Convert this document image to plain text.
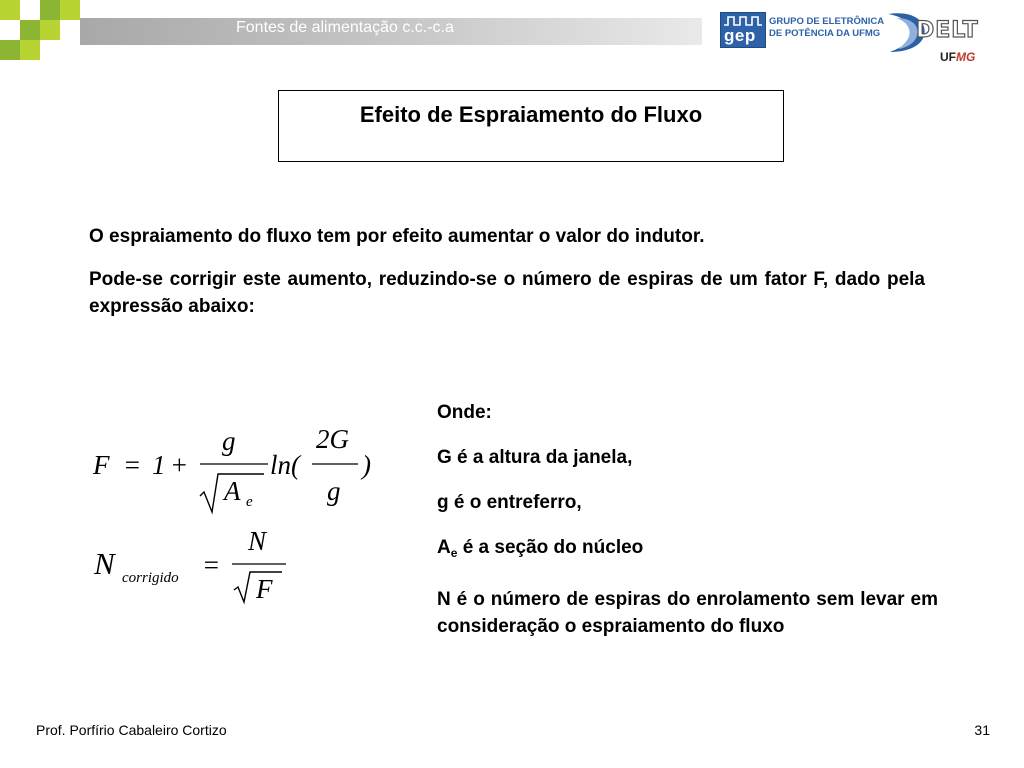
Fontes de alimentação c.c.-c.a	gep
GRUPO DE ELETRÔNICA
DE POTÊNCIA DA UFMG DELT
UFMG
Efeito de Espraiamento do Fluxo

O espraiamento do fluxo tem por efeito aumentar o valor do indutor.

Pode-se corrigir este aumento, reduzindo-se o número de espiras de um fator F, dado pela expressão abaixo:

F = 1 +
g
A e
ln(
2G
g
)
N corrigido =
N
F

Onde:

G é a altura da janela,

g é o entreferro,

$A_e$ é a seção do núcleo

N é o número de espiras do enrolamento sem levar em consideração o espraiamento do fluxo

Prof. Porfírio Cabaleiro Cortizo	31
